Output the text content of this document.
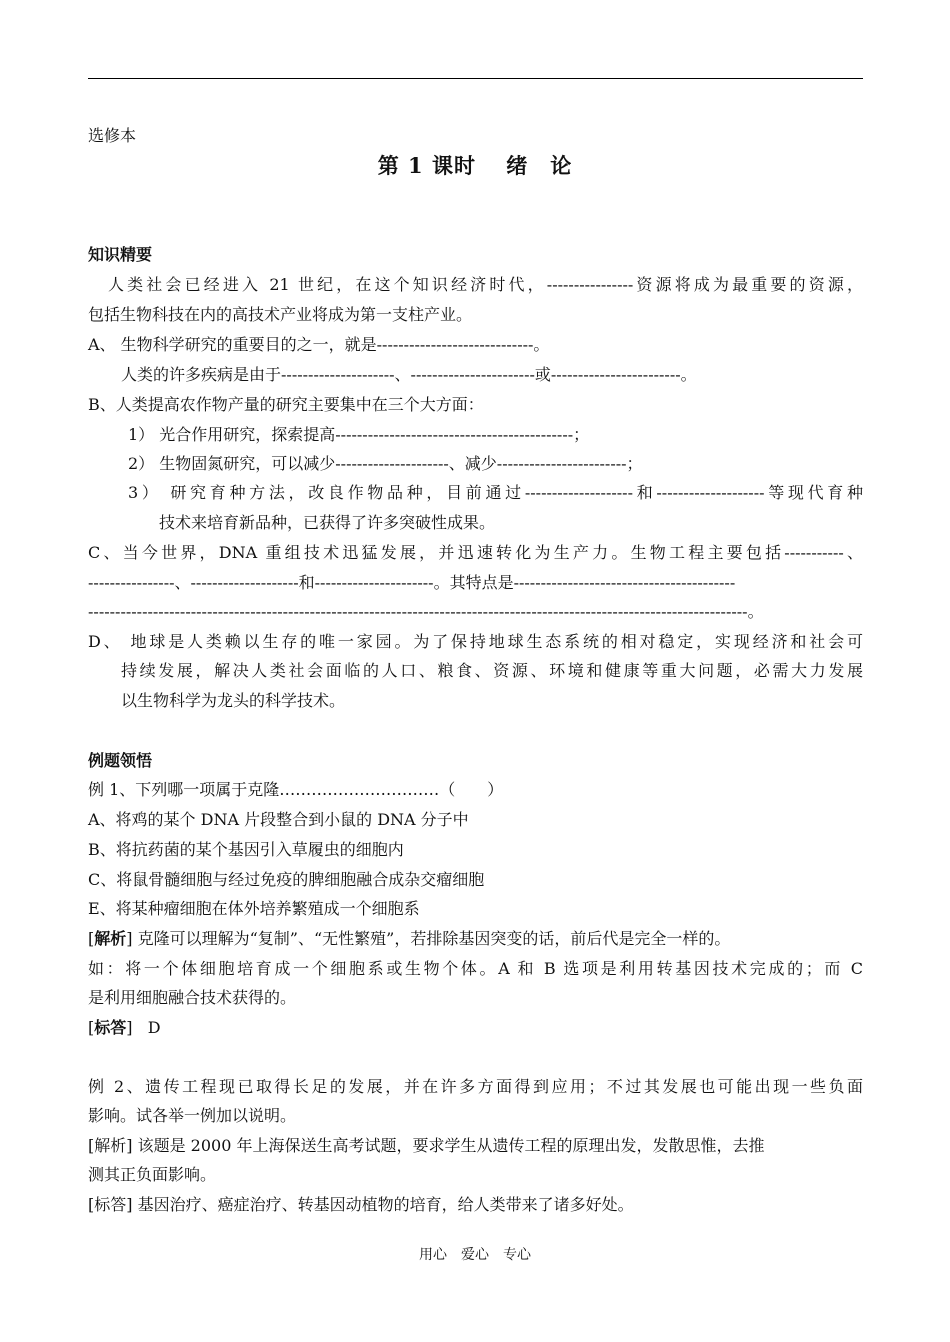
选修本
第 1 课时　 绪　论
知识精要
人类社会已经进入 21 世纪，在这个知识经济时代，----------------资源将成为最重要的资源，
包括生物科技在内的高技术产业将成为第一支柱产业。
A、 生物科学研究的重要目的之一，就是-----------------------------。
人类的许多疾病是由于---------------------、-----------------------或------------------------。
B、人类提高农作物产量的研究主要集中在三个大方面：
1） 光合作用研究，探索提高--------------------------------------------；
2） 生物固氮研究，可以减少---------------------、减少------------------------；
3） 研究育种方法，改良作物品种，目前通过--------------------和--------------------等现代育种
技术来培育新品种，已获得了许多突破性成果。
C、当今世界，DNA 重组技术迅猛发展，并迅速转化为生产力。生物工程主要包括-----------、
----------------、--------------------和----------------------。其特点是-----------------------------------------
--------------------------------------------------------------------------------------------------------------------------。
D、 地球是人类赖以生存的唯一家园。为了保持地球生态系统的相对稳定，实现经济和社会可
持续发展，解决人类社会面临的人口、粮食、资源、环境和健康等重大问题，必需大力发展
以生物科学为龙头的科学技术。
例题领悟
例 1、下列哪一项属于克隆…………………………（　　）
A、将鸡的某个 DNA 片段整合到小鼠的 DNA 分子中
B、将抗药菌的某个基因引入草履虫的细胞内
C、将鼠骨髓细胞与经过免疫的脾细胞融合成杂交瘤细胞
E、将某种瘤细胞在体外培养繁殖成一个细胞系
[解析] 克隆可以理解为“复制”、“无性繁殖”，若排除基因突变的话，前后代是完全一样的。
如：将一个体细胞培育成一个细胞系或生物个体。A 和 B 选项是利用转基因技术完成的；而 C
是利用细胞融合技术获得的。
[标答]   D
例 2、遗传工程现已取得长足的发展，并在许多方面得到应用；不过其发展也可能出现一些负面
影响。试各举一例加以说明。
[解析] 该题是 2000 年上海保送生高考试题，要求学生从遗传工程的原理出发，发散思惟，去推
测其正负面影响。
[标答] 基因治疗、癌症治疗、转基因动植物的培育，给人类带来了诸多好处。
用心　爱心　专心
